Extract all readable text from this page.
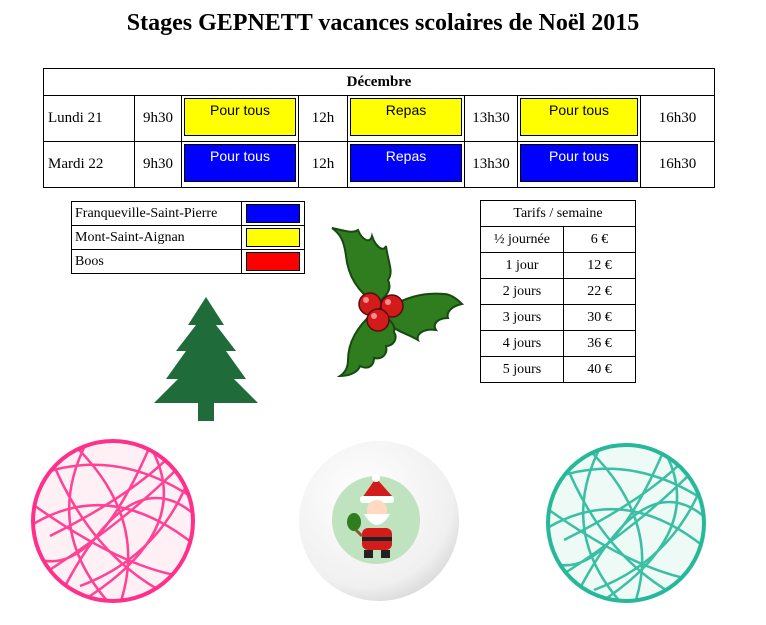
Stages GEPNETT vacances scolaires de Noël 2015
Décembre							
Lundi 21	9h30	Pour tous	12h	Repas	13h30	Pour tous	16h30
Mardi 22	9h30	Pour tous	12h	Repas	13h30	Pour tous	16h30
Franqueville-Saint-Pierre	

Mont-Saint-Aignan	

Boos	
Tarifs / semaine	
½ journée	6 €
1 jour	12 €
2 jours	22 €
3 jours	30 €
4 jours	36 €
5 jours	40 €
